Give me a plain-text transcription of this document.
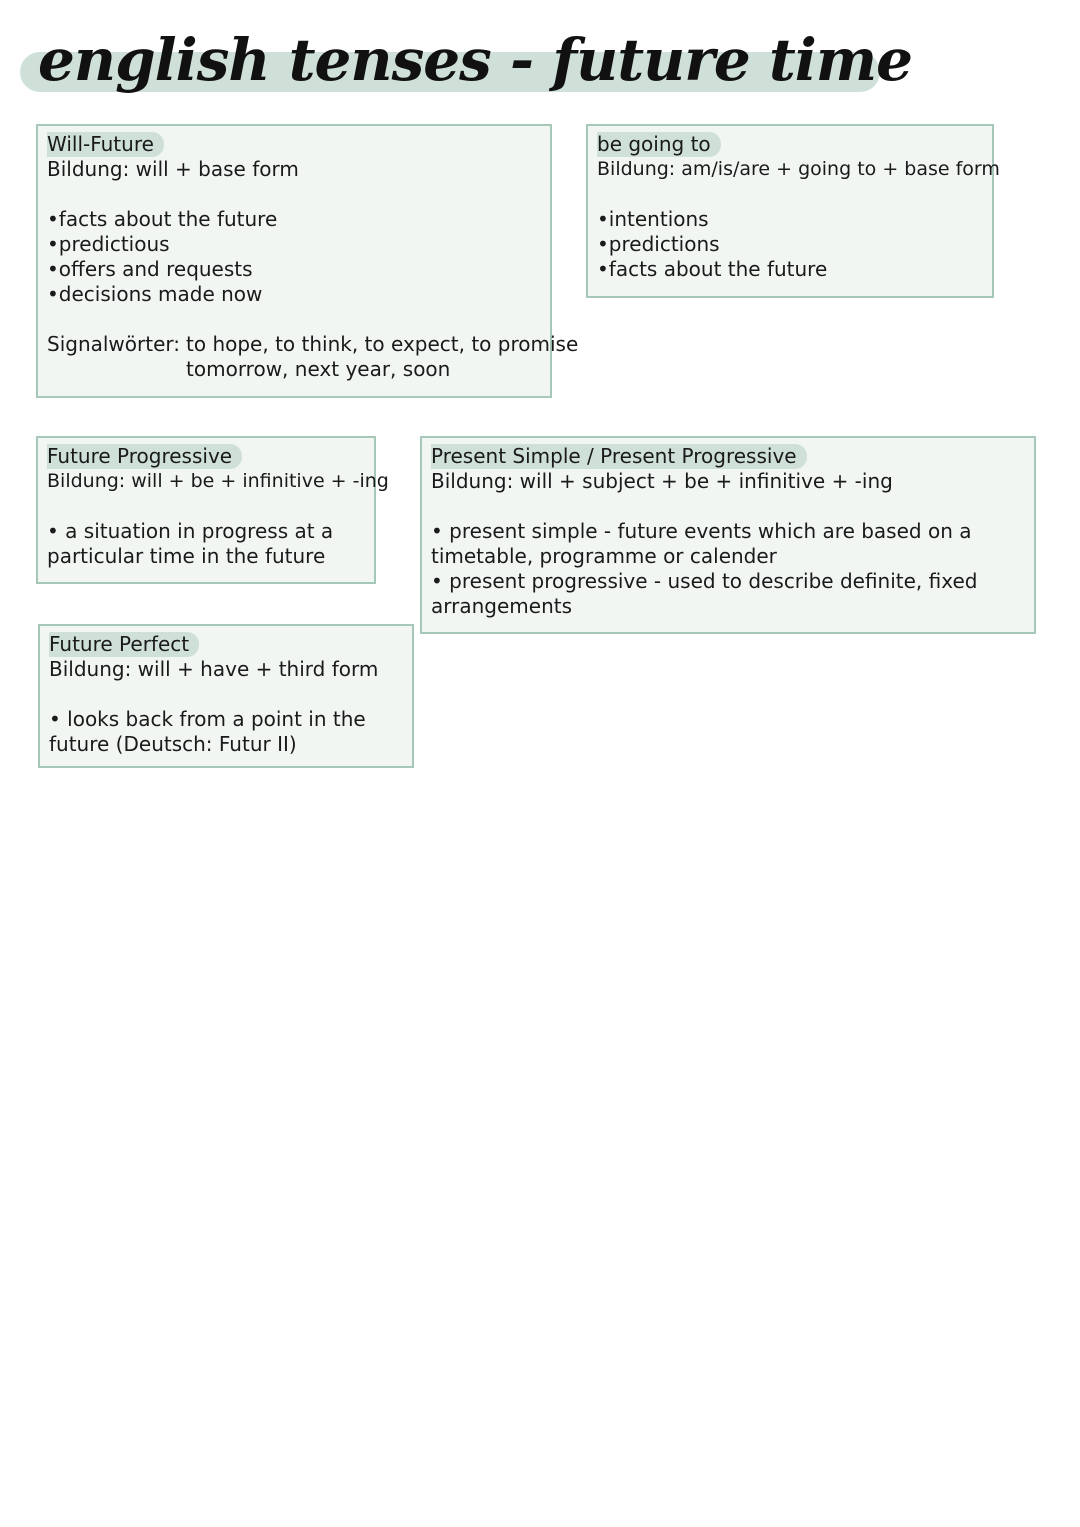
english tenses - future time
Will-Future
Bildung: will + base form
• facts about the future
• predictious
• offers and requests
• decisions made now
Signalwörter: to hope, to think, to expect, to promise
tomorrow, next year, soon
be going to
Bildung: am/is/are + going to + base form
• intentions
• predictions
• facts about the future
Future Progressive
Bildung: will + be + infinitive + -ing
• a situation in progress at a particular time in the future
Present Simple / Present Progressive
Bildung: will + subject + be + infinitive + -ing
• present simple - future events which are based on a timetable, programme or calender
• present progressive - used to describe definite, fixed arrangements
Future Perfect
Bildung: will + have + third form
• looks back from a point in the future (Deutsch: Futur II)
